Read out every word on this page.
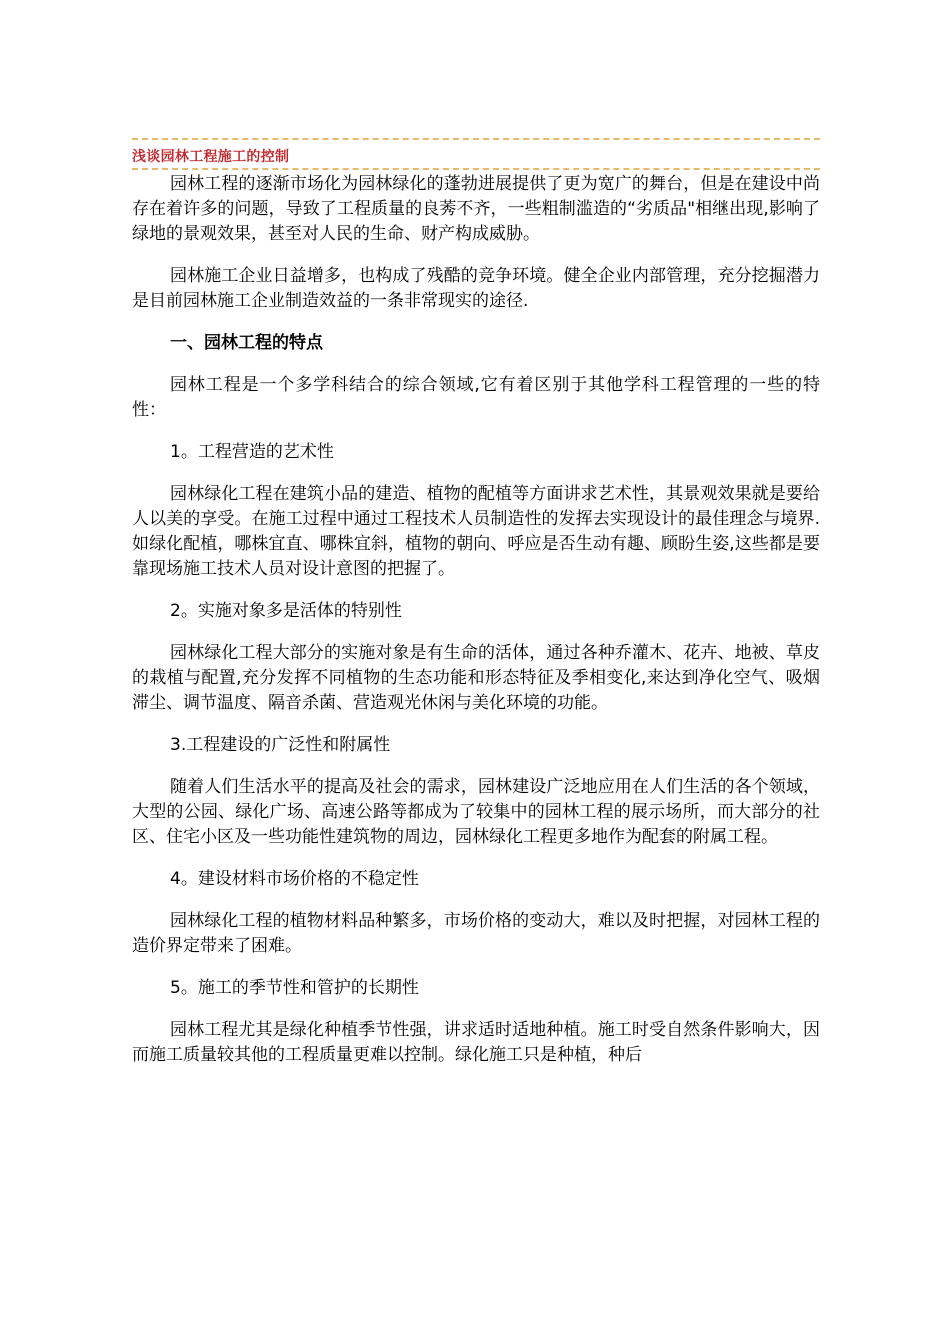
浅谈园林工程施工的控制

园林工程的逐渐市场化为园林绿化的蓬勃进展提供了更为宽广的舞台，但是在建设中尚存在着许多的问题，导致了工程质量的良莠不齐，一些粗制滥造的“劣质品"相继出现,影响了绿地的景观效果，甚至对人民的生命、财产构成威胁。

园林施工企业日益增多，也构成了残酷的竞争环境。健全企业内部管理，充分挖掘潜力是目前园林施工企业制造效益的一条非常现实的途径.

一、园林工程的特点

园林工程是一个多学科结合的综合领域,它有着区别于其他学科工程管理的一些的特性：

1。工程营造的艺术性

园林绿化工程在建筑小品的建造、植物的配植等方面讲求艺术性，其景观效果就是要给人以美的享受。在施工过程中通过工程技术人员制造性的发挥去实现设计的最佳理念与境界.如绿化配植，哪株宜直、哪株宜斜，植物的朝向、呼应是否生动有趣、顾盼生姿,这些都是要靠现场施工技术人员对设计意图的把握了。

2。实施对象多是活体的特别性

园林绿化工程大部分的实施对象是有生命的活体，通过各种乔灌木、花卉、地被、草皮的栽植与配置,充分发挥不同植物的生态功能和形态特征及季相变化,来达到净化空气、吸烟滞尘、调节温度、隔音杀菌、营造观光休闲与美化环境的功能。

3.工程建设的广泛性和附属性

随着人们生活水平的提高及社会的需求，园林建设广泛地应用在人们生活的各个领域，大型的公园、绿化广场、高速公路等都成为了较集中的园林工程的展示场所，而大部分的社区、住宅小区及一些功能性建筑物的周边，园林绿化工程更多地作为配套的附属工程。

4。建设材料市场价格的不稳定性

园林绿化工程的植物材料品种繁多，市场价格的变动大，难以及时把握，对园林工程的造价界定带来了困难。

5。施工的季节性和管护的长期性

园林工程尤其是绿化种植季节性强，讲求适时适地种植。施工时受自然条件影响大，因而施工质量较其他的工程质量更难以控制。绿化施工只是种植，种后
